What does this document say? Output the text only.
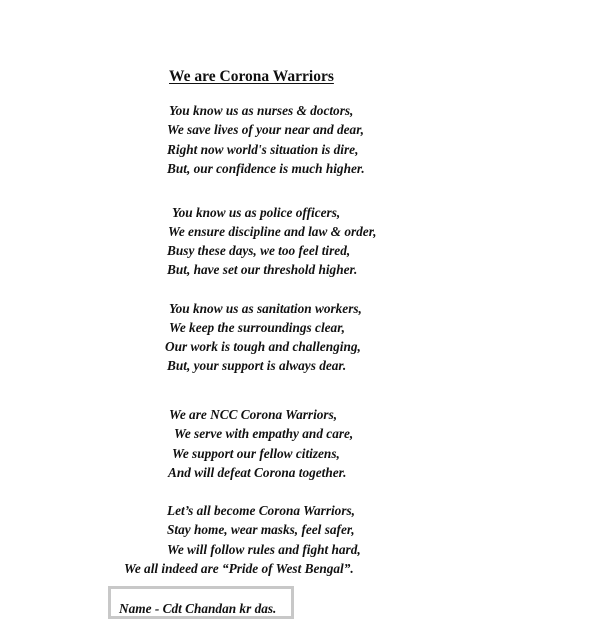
We are Corona Warriors
You know us as nurses & doctors,
We save lives of your near and dear,
Right now world's situation is dire,
But, our confidence is much higher.
You know us as police officers,
We ensure discipline and law & order,
Busy these days, we too feel tired,
But, have set our threshold higher.
You know us as sanitation workers,
We keep the surroundings clear,
Our work is tough and challenging,
But, your support is always dear.
We are NCC Corona Warriors,
We serve with empathy and care,
We support our fellow citizens,
And will defeat Corona together.
Let’s all become Corona Warriors,
Stay home, wear masks, feel safer,
We will follow rules and fight hard,
We all indeed are “Pride of West Bengal”.
Name - Cdt Chandan kr das.
